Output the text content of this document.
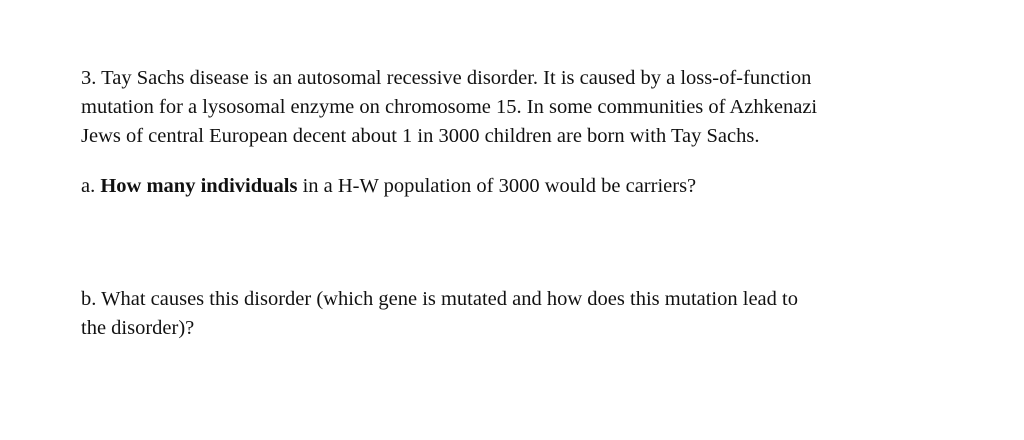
3. Tay Sachs disease is an autosomal recessive disorder. It is caused by a loss-of-function
mutation for a lysosomal enzyme on chromosome 15. In some communities of Azhkenazi
Jews of central European decent about 1 in 3000 children are born with Tay Sachs.

a. How many individuals in a H-W population of 3000 would be carriers?

b. What causes this disorder (which gene is mutated and how does this mutation lead to
the disorder)?
